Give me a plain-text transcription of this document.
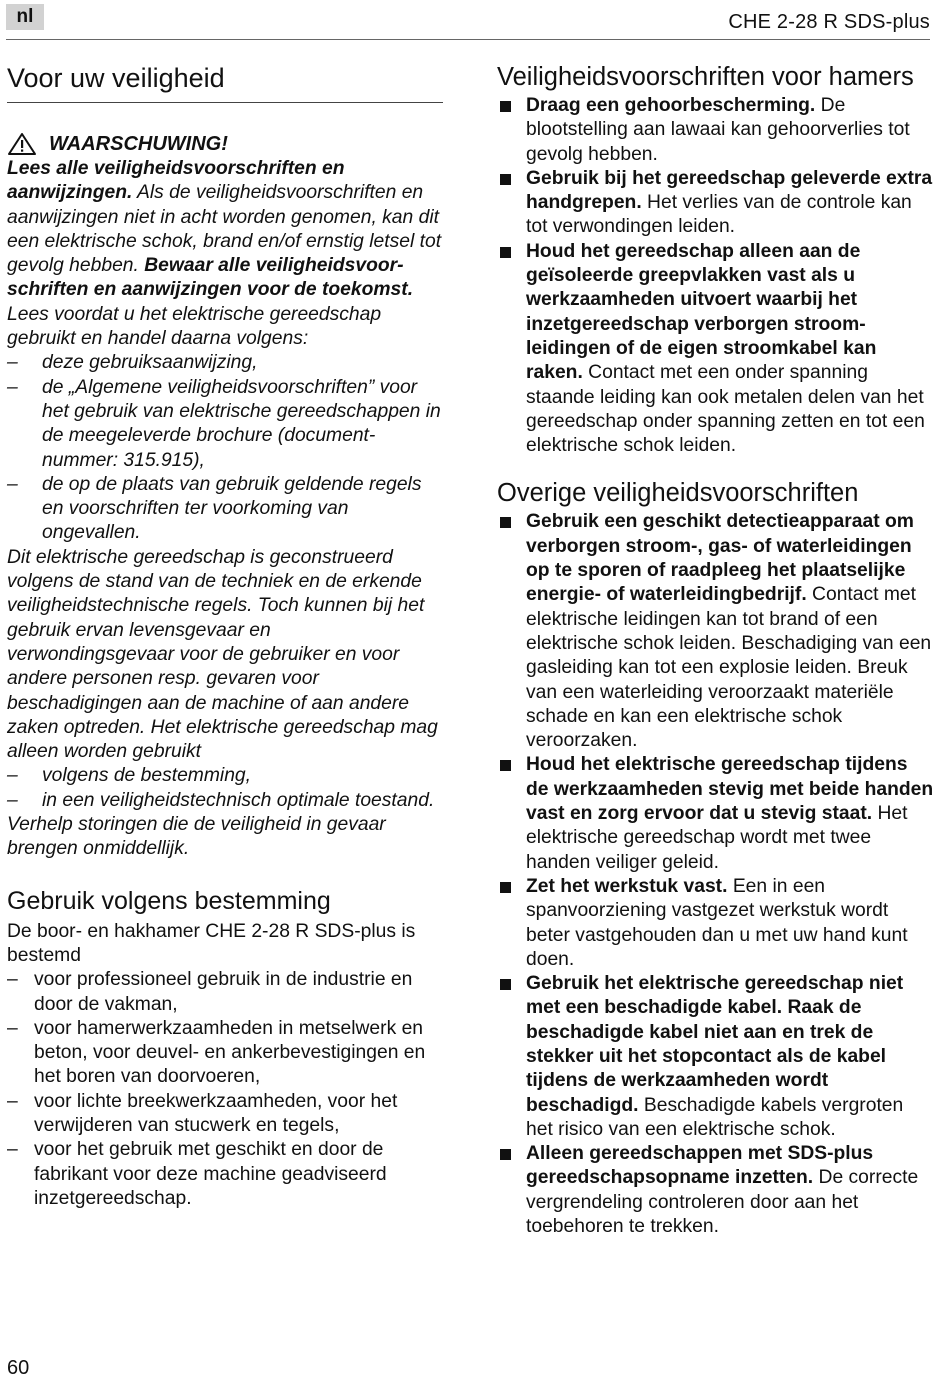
nl	CHE 2-28 R SDS-plus
Voor uw veiligheid
WAARSCHUWING!
Lees alle veiligheidsvoorschriften en aanwijzingen. Als de veiligheidsvoorschriften en aanwijzingen niet in acht worden genomen, kan dit een elektrische schok, brand en/of ernstig letsel tot gevolg hebben. Bewaar alle veiligheidsvoorschriften en aanwijzingen voor de toekomst.
Lees voordat u het elektrische gereedschap gebruikt en handel daarna volgens:
– deze gebruiksaanwijzing,
– de „Algemene veiligheidsvoorschriften” voor het gebruik van elektrische gereedschappen in de meegeleverde brochure (document-nummer: 315.915),
– de op de plaats van gebruik geldende regels en voorschriften ter voorkoming van ongevallen.
Dit elektrische gereedschap is geconstrueerd volgens de stand van de techniek en de erkende veiligheidstechnische regels. Toch kunnen bij het gebruik ervan levensgevaar en verwondingsgevaar voor de gebruiker en voor andere personen resp. gevaren voor beschadigingen aan de machine of aan andere zaken optreden. Het elektrische gereedschap mag alleen worden gebruikt
– volgens de bestemming,
– in een veiligheidstechnisch optimale toestand.
Verhelp storingen die de veiligheid in gevaar brengen onmiddellijk.
Gebruik volgens bestemming
De boor- en hakhamer CHE 2-28 R SDS-plus is bestemd
– voor professioneel gebruik in de industrie en door de vakman,
– voor hamerwerkzaamheden in metselwerk en beton, voor deuvel- en ankerbevestigingen en het boren van doorvoeren,
– voor lichte breekwerkzaamheden, voor het verwijderen van stucwerk en tegels,
– voor het gebruik met geschikt en door de fabrikant voor deze machine geadviseerd inzetgereedschap.
Veiligheidsvoorschriften voor hamers
Draag een gehoorbescherming. De blootstelling aan lawaai kan gehoorverlies tot gevolg hebben.
Gebruik bij het gereedschap geleverde extra handgrepen. Het verlies van de controle kan tot verwondingen leiden.
Houd het gereedschap alleen aan de geïsoleerde greepvlakken vast als u werkzaamheden uitvoert waarbij het inzetgereedschap verborgen stroomleidingen of de eigen stroomkabel kan raken. Contact met een onder spanning staande leiding kan ook metalen delen van het gereedschap onder spanning zetten en tot een elektrische schok leiden.
Overige veiligheidsvoorschriften
Gebruik een geschikt detectieapparaat om verborgen stroom-, gas- of waterleidingen op te sporen of raadpleeg het plaatselijke energie- of waterleidingbedrijf. Contact met elektrische leidingen kan tot brand of een elektrische schok leiden. Beschadiging van een gasleiding kan tot een explosie leiden. Breuk van een waterleiding veroorzaakt materiële schade en kan een elektrische schok veroorzaken.
Houd het elektrische gereedschap tijdens de werkzaamheden stevig met beide handen vast en zorg ervoor dat u stevig staat. Het elektrische gereedschap wordt met twee handen veiliger geleid.
Zet het werkstuk vast. Een in een spanvoorziening vastgezet werkstuk wordt beter vastgehouden dan u met uw hand kunt doen.
Gebruik het elektrische gereedschap niet met een beschadigde kabel. Raak de beschadigde kabel niet aan en trek de stekker uit het stopcontact als de kabel tijdens de werkzaamheden wordt beschadigd. Beschadigde kabels vergroten het risico van een elektrische schok.
Alleen gereedschappen met SDS-plus gereedschapsopname inzetten. De correcte vergrendeling controleren door aan het toebehoren te trekken.
60
